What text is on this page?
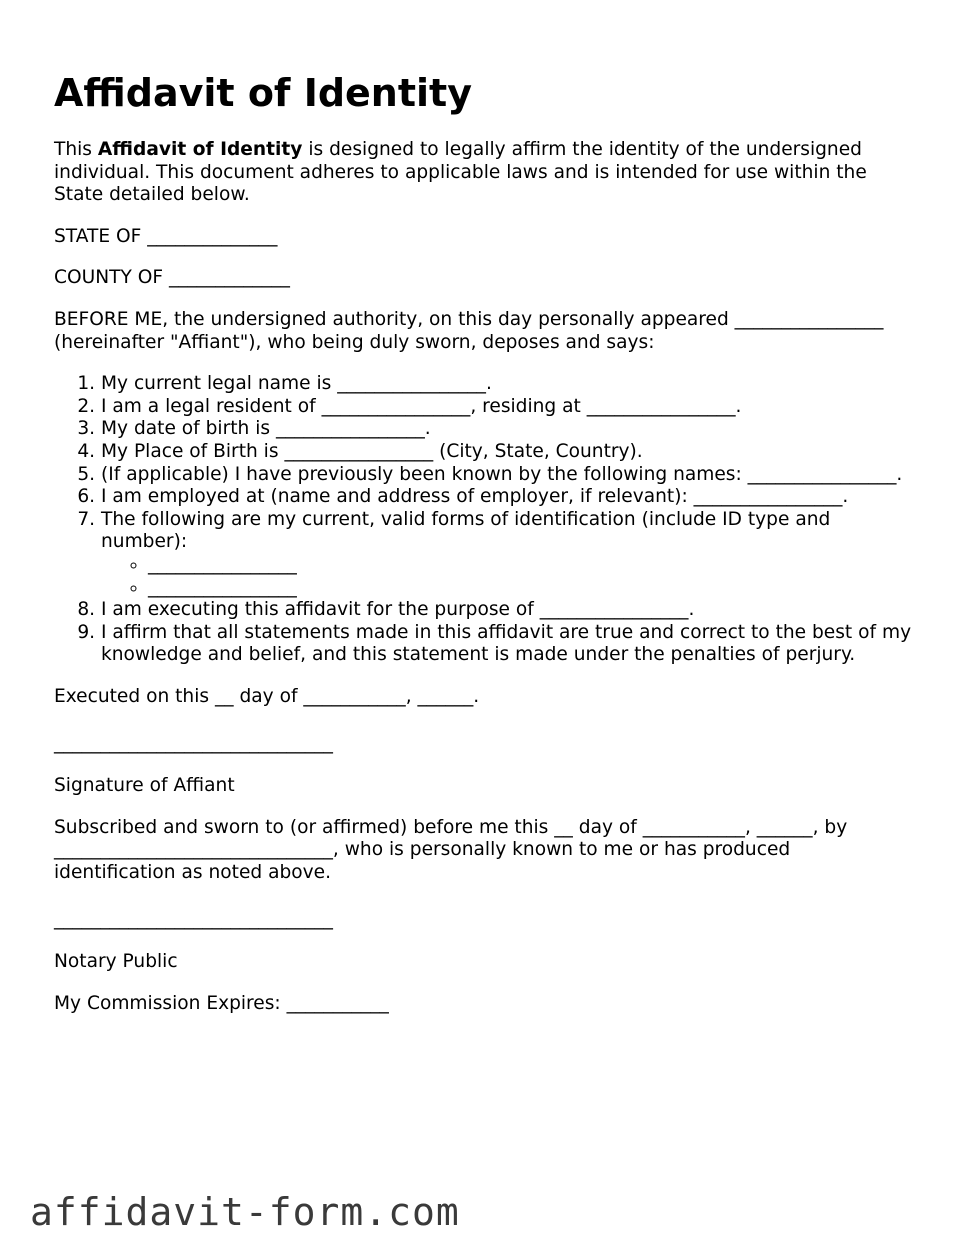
Affidavit of Identity

This Affidavit of Identity is designed to legally affirm the identity of the undersigned individual. This document adheres to applicable laws and is intended for use within the State detailed below.

STATE OF ______________

COUNTY OF _____________

BEFORE ME, the undersigned authority, on this day personally appeared ________________ (hereinafter "Affiant"), who being duly sworn, deposes and says:

1. My current legal name is ________________.
2. I am a legal resident of ________________, residing at ________________.
3. My date of birth is ________________.
4. My Place of Birth is ________________ (City, State, Country).
5. (If applicable) I have previously been known by the following names: ________________.
6. I am employed at (name and address of employer, if relevant): ________________.
7. The following are my current, valid forms of identification (include ID type and number):
◦ ________________
◦ ________________
8. I am executing this affidavit for the purpose of ________________.
9. I affirm that all statements made in this affidavit are true and correct to the best of my knowledge and belief, and this statement is made under the penalties of perjury.

Executed on this __ day of ___________, ______.

______________________________

Signature of Affiant

Subscribed and sworn to (or affirmed) before me this __ day of ___________, ______, by ______________________________, who is personally known to me or has produced identification as noted above.

______________________________

Notary Public

My Commission Expires: ___________

affidavit-form.com
